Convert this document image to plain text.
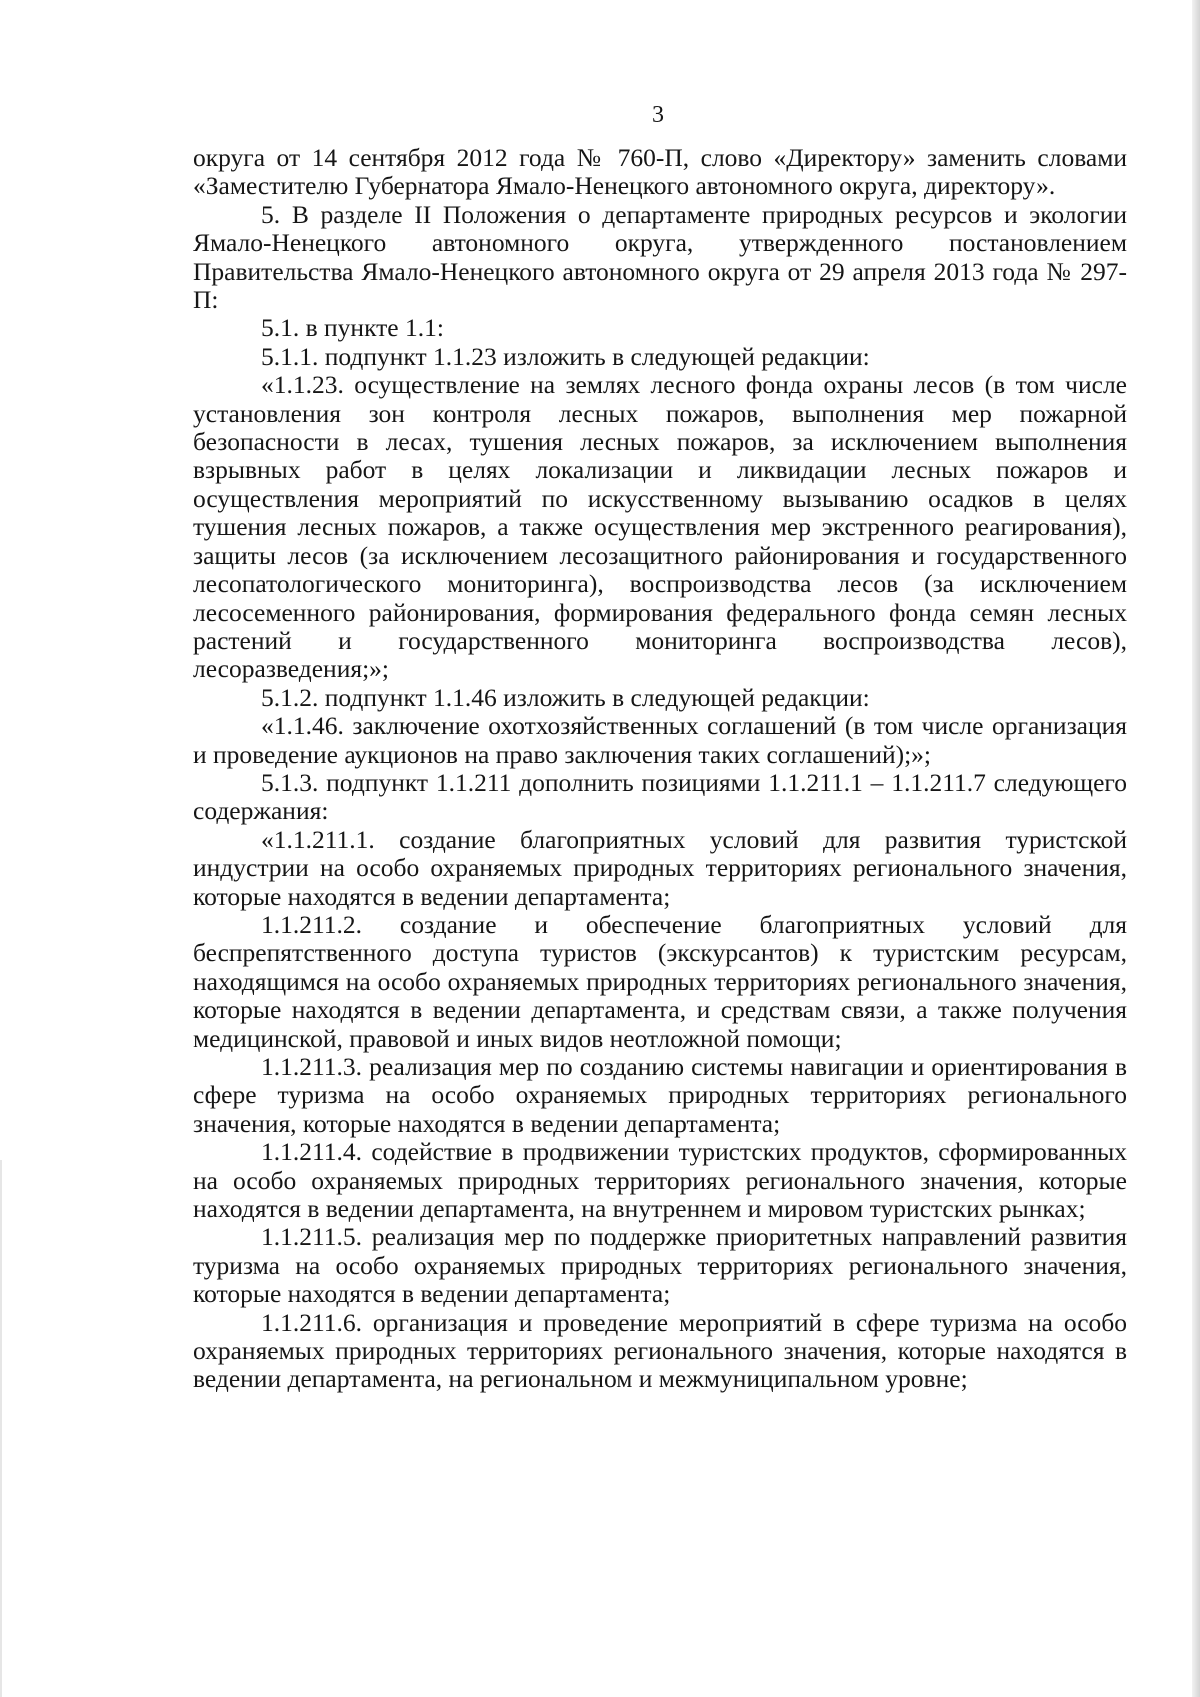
3

округа от 14 сентября 2012 года № 760-П, слово «Директору» заменить словами «Заместителю Губернатора Ямало-Ненецкого автономного округа, директору».

5. В разделе II Положения о департаменте природных ресурсов и экологии Ямало-Ненецкого автономного округа, утвержденного постановлением Правительства Ямало-Ненецкого автономного округа от 29 апреля 2013 года № 297-П:

5.1. в пункте 1.1:

5.1.1. подпункт 1.1.23 изложить в следующей редакции:

«1.1.23. осуществление на землях лесного фонда охраны лесов (в том числе установления зон контроля лесных пожаров, выполнения мер пожарной безопасности в лесах, тушения лесных пожаров, за исключением выполнения взрывных работ в целях локализации и ликвидации лесных пожаров и осуществления мероприятий по искусственному вызыванию осадков в целях тушения лесных пожаров, а также осуществления мер экстренного реагирования), защиты лесов (за исключением лесозащитного районирования и государственного лесопатологического мониторинга), воспроизводства лесов (за исключением лесосеменного районирования, формирования федерального фонда семян лесных растений и государственного мониторинга воспроизводства лесов), лесоразведения;»;

5.1.2. подпункт 1.1.46 изложить в следующей редакции:

«1.1.46. заключение охотхозяйственных соглашений (в том числе организация и проведение аукционов на право заключения таких соглашений);»;

5.1.3. подпункт 1.1.211 дополнить позициями 1.1.211.1 – 1.1.211.7 следующего содержания:

«1.1.211.1. создание благоприятных условий для развития туристской индустрии на особо охраняемых природных территориях регионального значения, которые находятся в ведении департамента;

1.1.211.2. создание и обеспечение благоприятных условий для беспрепятственного доступа туристов (экскурсантов) к туристским ресурсам, находящимся на особо охраняемых природных территориях регионального значения, которые находятся в ведении департамента, и средствам связи, а также получения медицинской, правовой и иных видов неотложной помощи;

1.1.211.3. реализация мер по созданию системы навигации и ориентирования в сфере туризма на особо охраняемых природных территориях регионального значения, которые находятся в ведении департамента;

1.1.211.4. содействие в продвижении туристских продуктов, сформированных на особо охраняемых природных территориях регионального значения, которые находятся в ведении департамента, на внутреннем и мировом туристских рынках;

1.1.211.5. реализация мер по поддержке приоритетных направлений развития туризма на особо охраняемых природных территориях регионального значения, которые находятся в ведении департамента;

1.1.211.6. организация и проведение мероприятий в сфере туризма на особо охраняемых природных территориях регионального значения, которые находятся в ведении департамента, на региональном и межмуниципальном уровне;
